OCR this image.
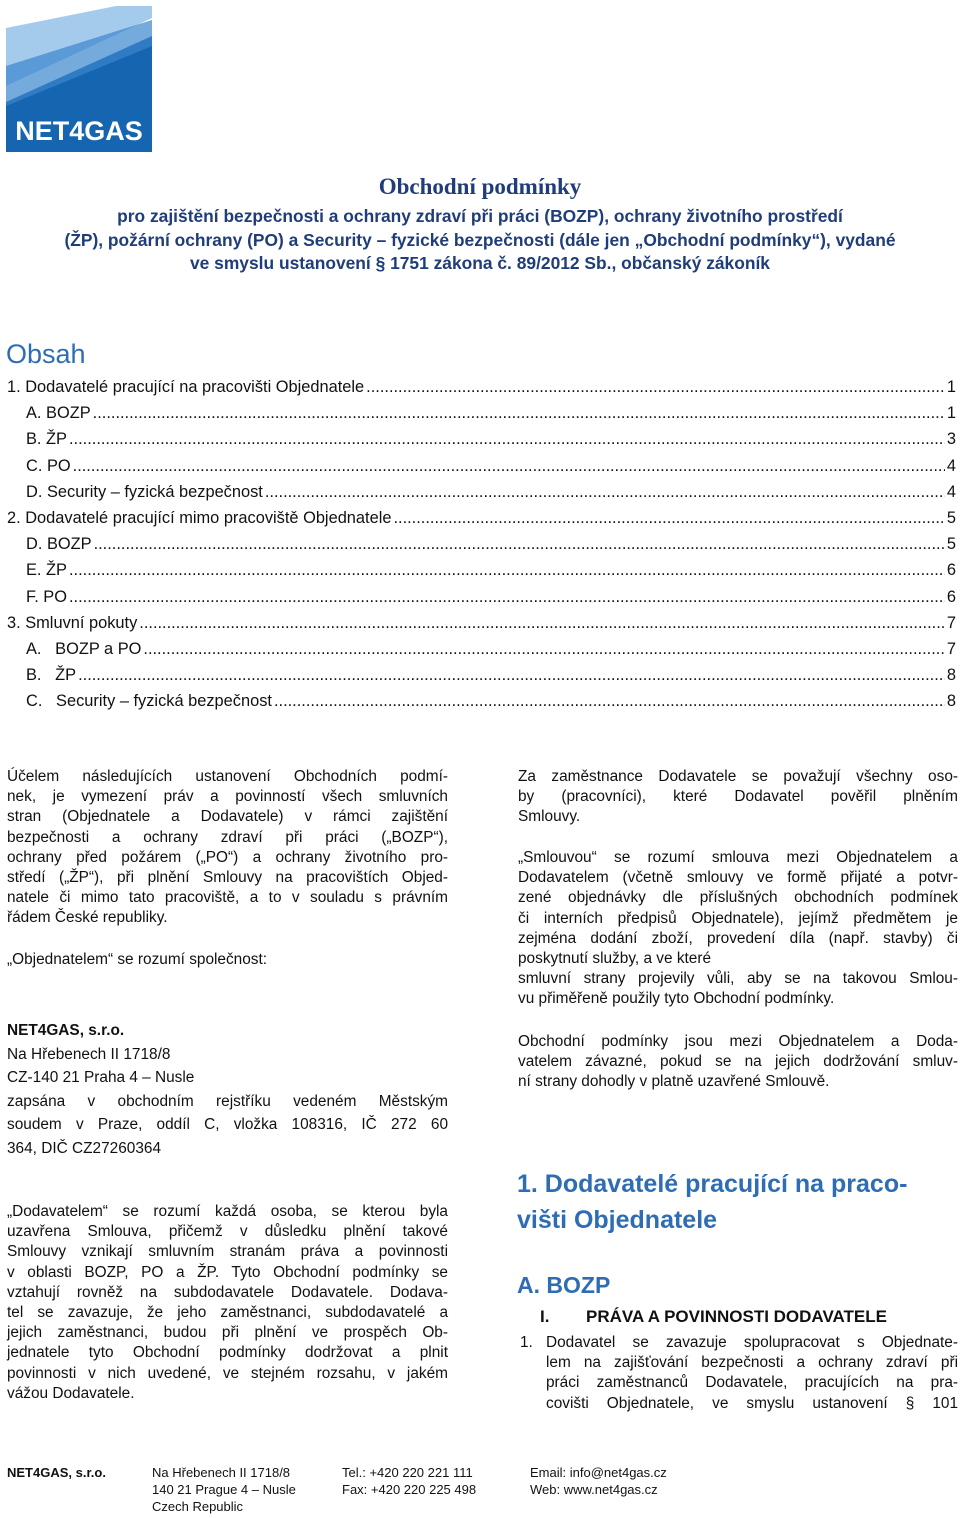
NET4GAS
Obchodní podmínky
pro zajištění bezpečnosti a ochrany zdraví při práci (BOZP), ochrany životního prostředí
(ŽP), požární ochrany (PO) a Security – fyzické bezpečnosti (dále jen „Obchodní podmínky“), vydané
ve smyslu ustanovení § 1751 zákona č. 89/2012 Sb., občanský zákoník
Obsah
1. Dodavatelé pracující na pracovišti Objednatele .....	1
A. BOZP .....	1
B. ŽP .....	3
C. PO .....	4
D. Security – fyzická bezpečnost .....	4
2. Dodavatelé pracující mimo pracoviště Objednatele .....	5
D. BOZP .....	5
E. ŽP .....	6
F. PO .....	6
3. Smluvní pokuty .....	7
A.   BOZP a PO .....	7
B.   ŽP .....	8
C.   Security – fyzická bezpečnost .....	8
Účelem následujících ustanovení Obchodních podmí-
nek, je vymezení práv a povinností všech smluvních
stran (Objednatele a Dodavatele) v rámci zajištění
bezpečnosti a ochrany zdraví při práci („BOZP“),
ochrany před požárem („PO“) a ochrany životního pro-
středí („ŽP“), při plnění Smlouvy na pracovištích Objed-
natele či mimo tato pracoviště, a to v souladu s právním
řádem České republiky.
„Objednatelem“ se rozumí společnost:
NET4GAS, s.r.o.
Na Hřebenech II 1718/8
CZ-140 21 Praha 4 – Nusle
zapsána v obchodním rejstříku vedeném Městským
soudem v Praze, oddíl C, vložka 108316, IČ 272 60
364, DIČ CZ27260364
„Dodavatelem“ se rozumí každá osoba, se kterou byla
uzavřena Smlouva, přičemž v důsledku plnění takové
Smlouvy vznikají smluvním stranám práva a povinnosti
v oblasti BOZP, PO a ŽP. Tyto Obchodní podmínky se
vztahují rovněž na subdodavatele Dodavatele. Dodava-
tel se zavazuje, že jeho zaměstnanci, subdodavatelé a
jejich zaměstnanci, budou při plnění ve prospěch Ob-
jednatele tyto Obchodní podmínky dodržovat a plnit
povinnosti v nich uvedené, ve stejném rozsahu, v jakém
vážou Dodavatele.
Za zaměstnance Dodavatele se považují všechny oso-
by (pracovníci), které Dodavatel pověřil plněním
Smlouvy.
„Smlouvou“ se rozumí smlouva mezi Objednatelem a
Dodavatelem (včetně smlouvy ve formě přijaté a potvr-
zené objednávky dle příslušných obchodních podmínek
či interních předpisů Objednatele), jejímž předmětem je
zejména dodání zboží, provedení díla (např. stavby) či
poskytnutí služby, a ve které
smluvní strany projevily vůli, aby se na takovou Smlou-
vu přiměřeně použily tyto Obchodní podmínky.
Obchodní podmínky jsou mezi Objednatelem a Doda-
vatelem závazné, pokud se na jejich dodržování smluv-
ní strany dohodly v platně uzavřené Smlouvě.
1. Dodavatelé pracující na praco-
višti Objednatele
A. BOZP
I. PRÁVA A POVINNOSTI DODAVATELE
1. Dodavatel se zavazuje spolupracovat s Objednate-
lem na zajišťování bezpečnosti a ochrany zdraví při
práci zaměstnanců Dodavatele, pracujících na pra-
covišti Objednatele, ve smyslu ustanovení § 101
NET4GAS, s.r.o.	Na Hřebenech II 1718/8
140 21 Prague 4 – Nusle
Czech Republic
Tel.: +420 220 221 111
Fax: +420 220 225 498
Email: info@net4gas.cz
Web: www.net4gas.cz
